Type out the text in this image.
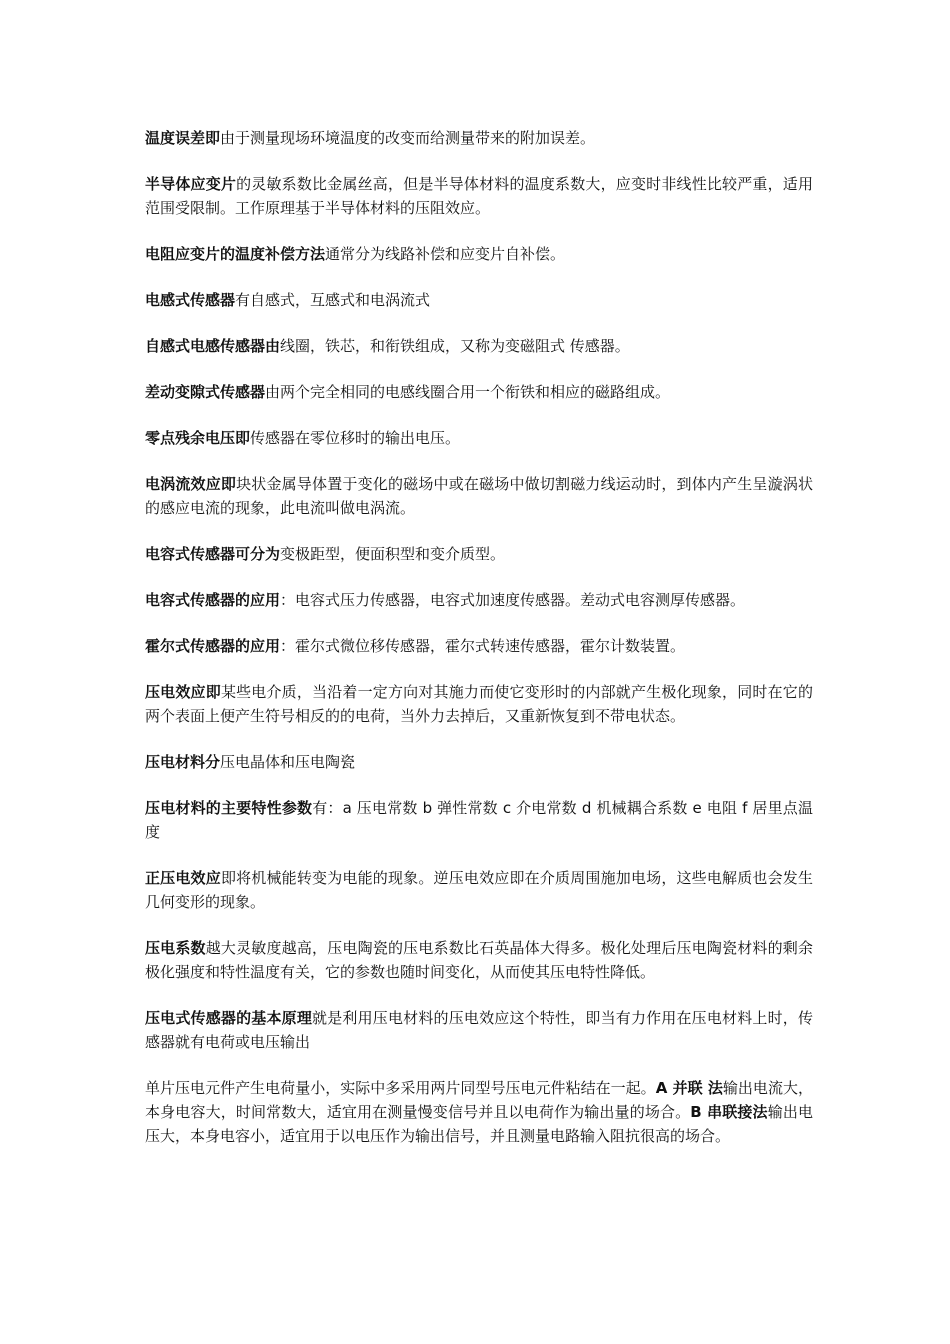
温度误差即由于测量现场环境温度的改变而给测量带来的附加误差。

半导体应变片的灵敏系数比金属丝高，但是半导体材料的温度系数大，应变时非线性比较严重，适用范围受限制。工作原理基于半导体材料的压阻效应。

电阻应变片的温度补偿方法通常分为线路补偿和应变片自补偿。

电感式传感器有自感式，互感式和电涡流式

自感式电感传感器由线圈，铁芯，和衔铁组成，又称为变磁阻式 传感器。

差动变隙式传感器由两个完全相同的电感线圈合用一个衔铁和相应的磁路组成。

零点残余电压即传感器在零位移时的输出电压。

电涡流效应即块状金属导体置于变化的磁场中或在磁场中做切割磁力线运动时，到体内产生呈漩涡状的感应电流的现象，此电流叫做电涡流。

电容式传感器可分为变极距型，便面积型和变介质型。

电容式传感器的应用：电容式压力传感器，电容式加速度传感器。差动式电容测厚传感器。

霍尔式传感器的应用：霍尔式微位移传感器，霍尔式转速传感器，霍尔计数装置。

压电效应即某些电介质，当沿着一定方向对其施力而使它变形时的内部就产生极化现象，同时在它的两个表面上便产生符号相反的的电荷，当外力去掉后，又重新恢复到不带电状态。

压电材料分压电晶体和压电陶瓷

压电材料的主要特性参数有：a 压电常数 b 弹性常数 c 介电常数 d 机械耦合系数 e 电阻 f 居里点温度

正压电效应即将机械能转变为电能的现象。逆压电效应即在介质周围施加电场，这些电解质也会发生几何变形的现象。

压电系数越大灵敏度越高，压电陶瓷的压电系数比石英晶体大得多。极化处理后压电陶瓷材料的剩余极化强度和特性温度有关，它的参数也随时间变化，从而使其压电特性降低。

压电式传感器的基本原理就是利用压电材料的压电效应这个特性，即当有力作用在压电材料上时，传感器就有电荷或电压输出

单片压电元件产生电荷量小，实际中多采用两片同型号压电元件粘结在一起。A 并联 法输出电流大，本身电容大，时间常数大，适宜用在测量慢变信号并且以电荷作为输出量的场合。B 串联接法输出电压大，本身电容小，适宜用于以电压作为输出信号，并且测量电路输入阻抗很高的场合。
